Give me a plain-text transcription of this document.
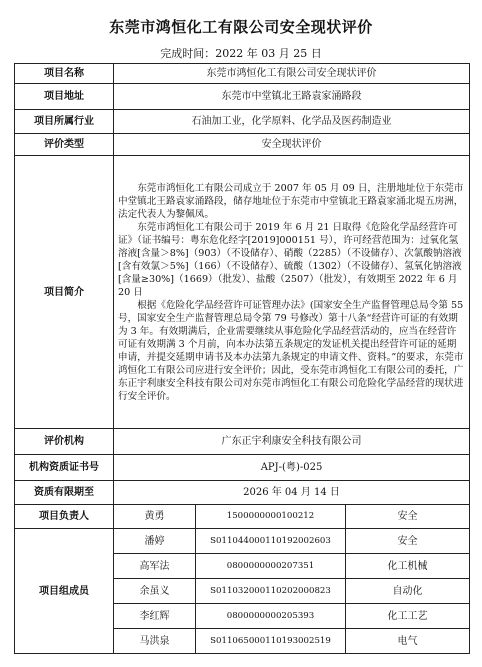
东莞市鸿恒化工有限公司安全现状评价
完成时间：2022 年 03 月 25 日
项目名称	东莞市鸿恒化工有限公司安全现状评价		
项目地址	东莞市中堂镇北王路袁家涌路段		
项目所属行业	石油加工业，化学原料、化学品及医药制造业		
评价类型	安全现状评价		
项目简介	东莞市鸿恒化工有限公司成立于 2007 年 05 月 09 日，注册地址位于东莞市中堂镇北王路袁家涌路段，储存地址位于东莞市中堂镇北王路袁家涌北堤五房洲，法定代表人为黎佩凤。

东莞市鸿恒化工有限公司于 2019 年 6 月 21 日取得《危险化学品经营许可证》（证书编号：粤东危化经字[2019]000151 号），许可经营范围为：过氧化氢溶液[含量＞8%]（903）（不设储存）、硝酸（2285）（不设储存）、次氯酸钠溶液[含有效氯＞5%]（166）（不设储存）、硫酸（1302）（不设储存）、氢氧化钠溶液[含量≥30%]（1669）（批发）、盐酸（2507）（批发），有效期至 2022 年 6 月 20 日

根据《危险化学品经营许可证管理办法》(国家安全生产监督管理总局令第 55 号，国家安全生产监督管理总局令第 79 号修改）第十八条“经营许可证的有效期为 3 年。有效期满后，企业需要继续从事危险化学品经营活动的，应当在经营许可证有效期满 3 个月前，向本办法第五条规定的发证机关提出经营许可证的延期申请，并提交延期申请书及本办法第九条规定的申请文件、资料。”的要求，东莞市鸿恒化工有限公司应进行安全评价；因此，受东莞市鸿恒化工有限公司的委托，广东正宇利康安全科技有限公司对东莞市鸿恒化工有限公司危险化学品经营的现状进行安全评价。		

评价机构	广东正宇利康安全科技有限公司		
机构资质证书号	APJ-(粤)-025		
资质有限期至	2026 年 04 月 14 日		
项目负责人	黄勇	1500000000100212	安全
项目组成员	潘婷	S011044000110192002603	安全
	高军法	0800000000207351	化工机械
	余虽义	S011032000110202000823	自动化
	李红辉	0800000000205393	化工工艺
	马洪泉	S011065000110193002519	电气
